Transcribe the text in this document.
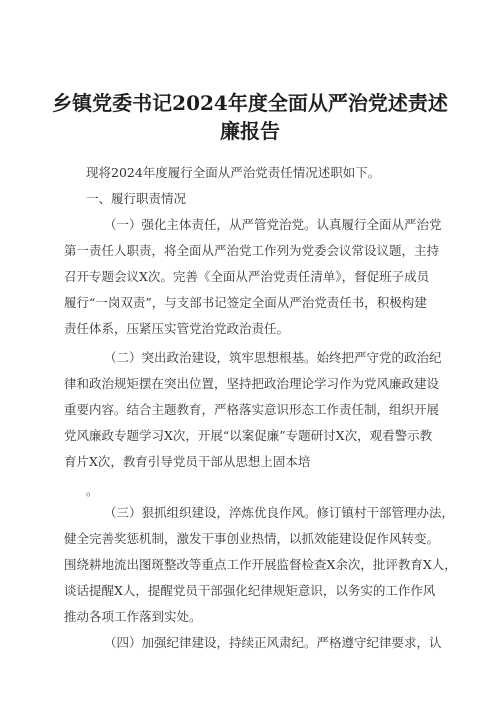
乡镇党委书记2024年度全面从严治党述责述
廉报告
现将2024年度履行全面从严治党责任情况述职如下。
一、履行职责情况
（一）强化主体责任，从严管党治党。认真履行全面从严治党
第一责任人职责，将全面从严治党工作列为党委会议常设议题，主持
召开专题会议X次。完善《全面从严治党责任清单》，督促班子成员
履行“一岗双责”，与支部书记签定全面从严治党责任书，积极构建
责任体系，压紧压实管党治党政治责任。
（二）突出政治建设，筑牢思想根基。始终把严守党的政治纪
律和政治规矩摆在突出位置，坚持把政治理论学习作为党风廉政建设
重要内容。结合主题教育，严格落实意识形态工作责任制，组织开展
党风廉政专题学习X次，开展“以案促廉”专题研讨X次，观看警示教
育片X次，教育引导党员干部从思想上固本培
。
（三）狠抓组织建设，淬炼优良作风。修订镇村干部管理办法，
健全完善奖惩机制，激发干事创业热情，以抓效能建设促作风转变。
围绕耕地流出图斑整改等重点工作开展监督检查X余次，批评教育X人，
谈话提醒X人，提醒党员干部强化纪律规矩意识，以务实的工作作风
推动各项工作落到实处。
（四）加强纪律建设，持续正风肃纪。严格遵守纪律要求，认
